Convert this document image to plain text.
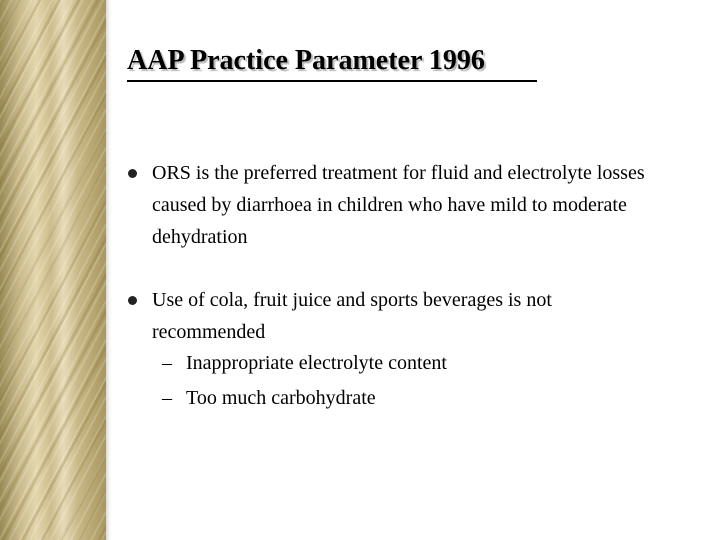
AAP Practice Parameter 1996
ORS is the preferred treatment for fluid and electrolyte losses caused by diarrhoea in children who have mild to moderate dehydration
Use of cola, fruit juice and sports beverages is not recommended
– Inappropriate electrolyte content
– Too much carbohydrate
